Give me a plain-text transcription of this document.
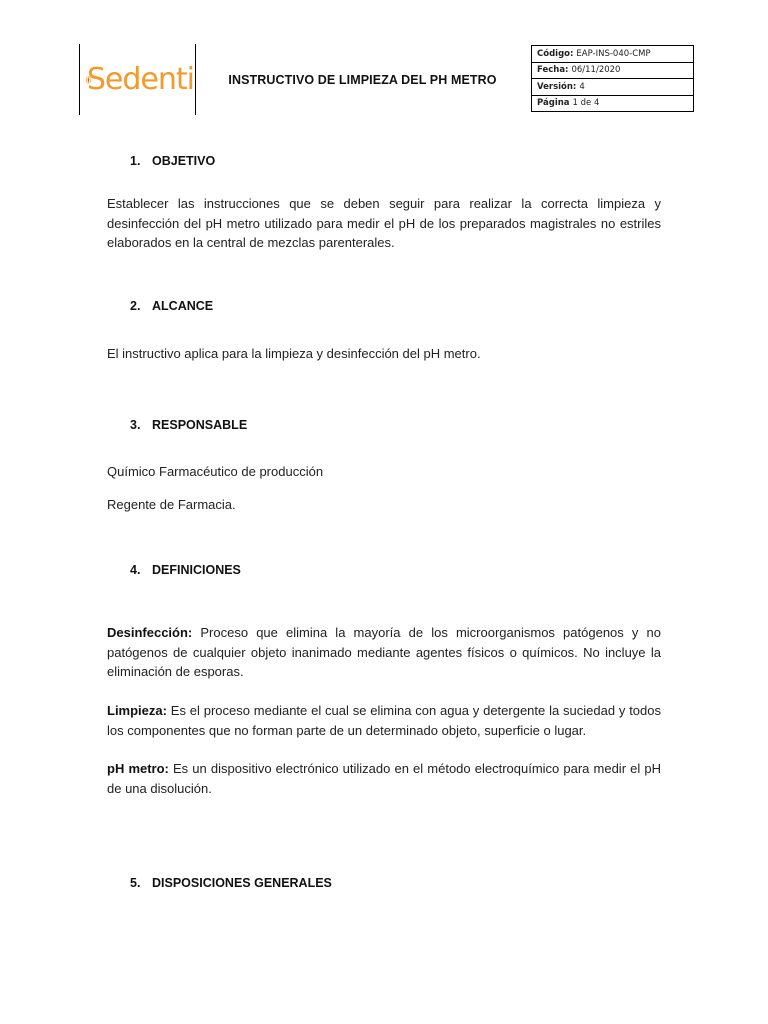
Sedenti	INSTRUCTIVO DE LIMPIEZA DEL PH METRO
Código: EAP-INS-040-CMP
Fecha: 06/11/2020
Versión: 4
Página 1 de 4
1. OBJETIVO
Establecer las instrucciones que se deben seguir para realizar la correcta limpieza y desinfección del pH metro utilizado para medir el pH de los preparados magistrales no estriles elaborados en la central de mezclas parenterales.
2. ALCANCE
El instructivo aplica para la limpieza y desinfección del pH metro.
3. RESPONSABLE
Químico Farmacéutico de producción
Regente de Farmacia.
4. DEFINICIONES
Desinfección: Proceso que elimina la mayoría de los microorganismos patógenos y no patógenos de cualquier objeto inanimado mediante agentes físicos o químicos. No incluye la eliminación de esporas.
Limpieza: Es el proceso mediante el cual se elimina con agua y detergente la suciedad y todos los componentes que no forman parte de un determinado objeto, superficie o lugar.
pH metro: Es un dispositivo electrónico utilizado en el método electroquímico para medir el pH de una disolución.
5. DISPOSICIONES GENERALES
